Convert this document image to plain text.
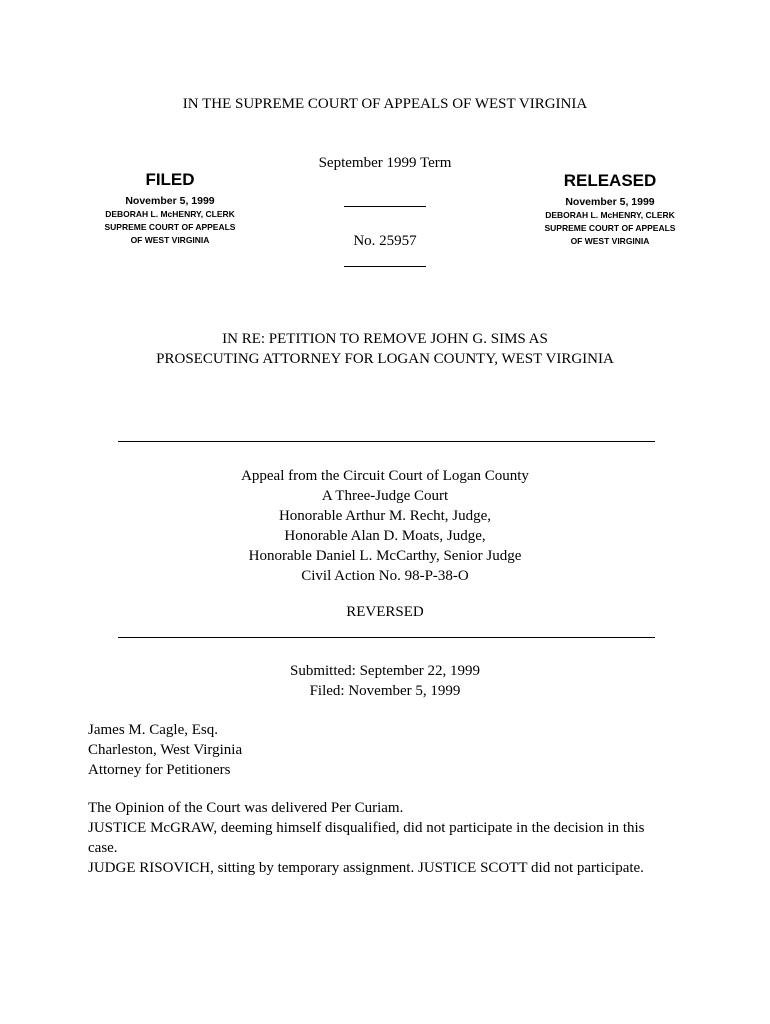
IN THE SUPREME COURT OF APPEALS OF WEST VIRGINIA
September 1999 Term
FILED
November 5, 1999
DEBORAH L. McHENRY, CLERK
SUPREME COURT OF APPEALS
OF WEST VIRGINIA
RELEASED
November 5, 1999
DEBORAH L. McHENRY, CLERK
SUPREME COURT OF APPEALS
OF WEST VIRGINIA
No. 25957
IN RE: PETITION TO REMOVE JOHN G. SIMS AS
PROSECUTING ATTORNEY FOR LOGAN COUNTY, WEST VIRGINIA
Appeal from the Circuit Court of Logan County
A Three-Judge Court
Honorable Arthur M. Recht, Judge,
Honorable Alan D. Moats, Judge,
Honorable Daniel L. McCarthy, Senior Judge
Civil Action No. 98-P-38-O
REVERSED
Submitted: September 22, 1999
Filed: November 5, 1999
James M. Cagle, Esq.
Charleston, West Virginia
Attorney for Petitioners
The Opinion of the Court was delivered Per Curiam.
JUSTICE McGRAW, deeming himself disqualified, did not participate in the decision in this
case.
JUDGE RISOVICH, sitting by temporary assignment. JUSTICE SCOTT did not participate.
